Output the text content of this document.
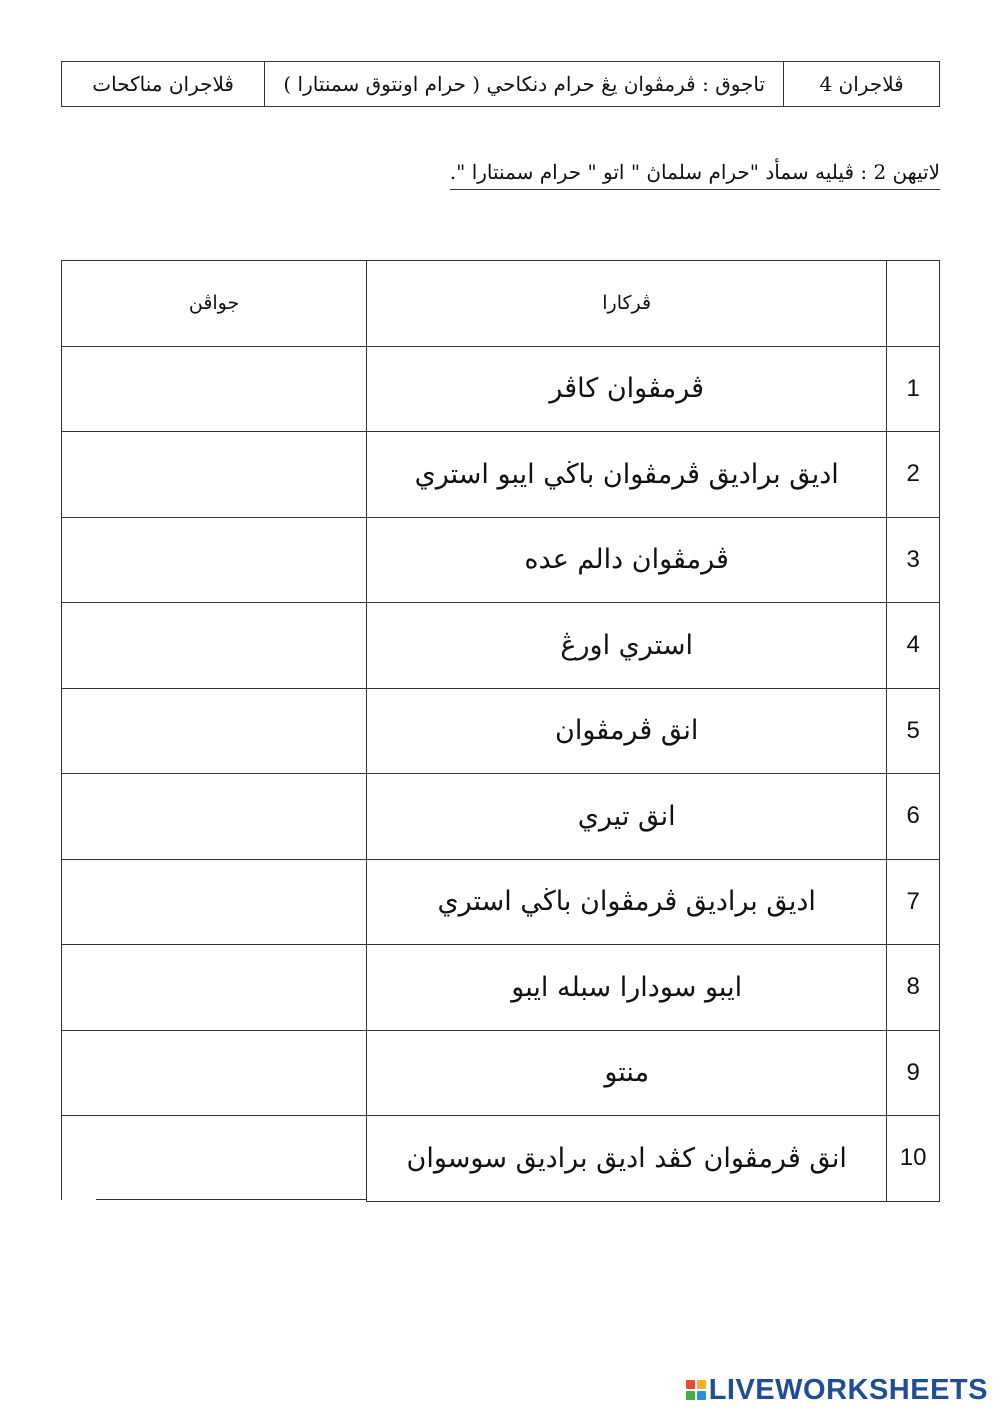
ڤلاجران 4	تاجوق : ڤرمڤوان يڠ حرام دنكاحي ( حرام اونتوق سمنتارا )	ڤلاجران مناكحات
لاتيهن 2 : ڤيليه سمأد "حرام سلماڽ " اتو " حرام سمنتارا ".
	ڤركارا	جواڤن
1	ڤرمڤوان كاڤر	
2	اديق براديق ڤرمڤوان باڬي ايبو استري	
3	ڤرمڤوان دالم عده	
4	استري اورڠ	
5	انق ڤرمڤوان	
6	انق تيري	
7	اديق براديق ڤرمڤوان باڬي استري	
8	ايبو سودارا سبله ايبو	
9	منتو	
10	انق ڤرمڤوان كڤد اديق براديق سوسوان	
LIVEWORKSHEETS
